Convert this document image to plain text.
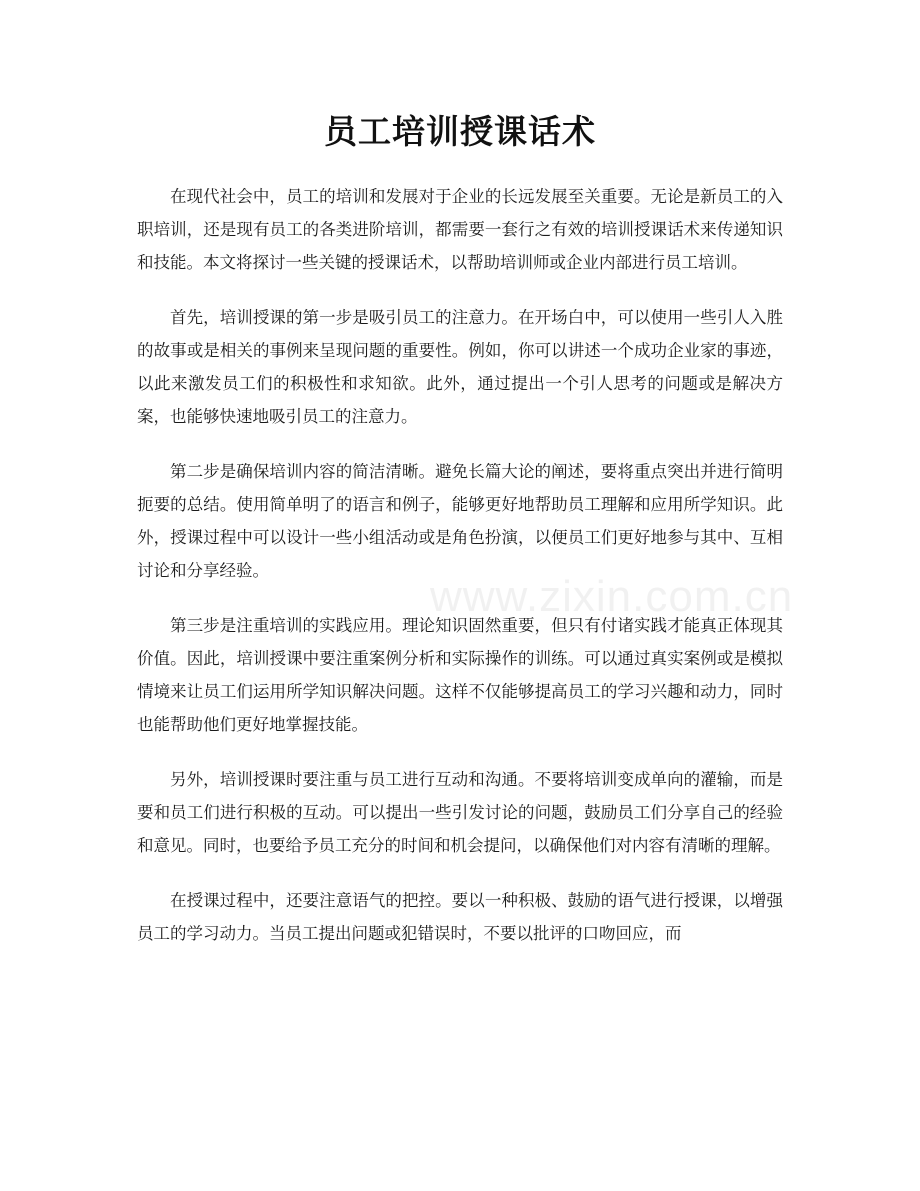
员工培训授课话术

在现代社会中，员工的培训和发展对于企业的长远发展至关重要。无论是新员工的入职培训，还是现有员工的各类进阶培训，都需要一套行之有效的培训授课话术来传递知识和技能。本文将探讨一些关键的授课话术，以帮助培训师或企业内部进行员工培训。

首先，培训授课的第一步是吸引员工的注意力。在开场白中，可以使用一些引人入胜的故事或是相关的事例来呈现问题的重要性。例如，你可以讲述一个成功企业家的事迹，以此来激发员工们的积极性和求知欲。此外，通过提出一个引人思考的问题或是解决方案，也能够快速地吸引员工的注意力。

第二步是确保培训内容的简洁清晰。避免长篇大论的阐述，要将重点突出并进行简明扼要的总结。使用简单明了的语言和例子，能够更好地帮助员工理解和应用所学知识。此外，授课过程中可以设计一些小组活动或是角色扮演，以便员工们更好地参与其中、互相讨论和分享经验。

第三步是注重培训的实践应用。理论知识固然重要，但只有付诸实践才能真正体现其价值。因此，培训授课中要注重案例分析和实际操作的训练。可以通过真实案例或是模拟情境来让员工们运用所学知识解决问题。这样不仅能够提高员工的学习兴趣和动力，同时也能帮助他们更好地掌握技能。

另外，培训授课时要注重与员工进行互动和沟通。不要将培训变成单向的灌输，而是要和员工们进行积极的互动。可以提出一些引发讨论的问题，鼓励员工们分享自己的经验和意见。同时，也要给予员工充分的时间和机会提问，以确保他们对内容有清晰的理解。

在授课过程中，还要注意语气的把控。要以一种积极、鼓励的语气进行授课，以增强员工的学习动力。当员工提出问题或犯错误时，不要以批评的口吻回应，而

www.zixin.com.cn
